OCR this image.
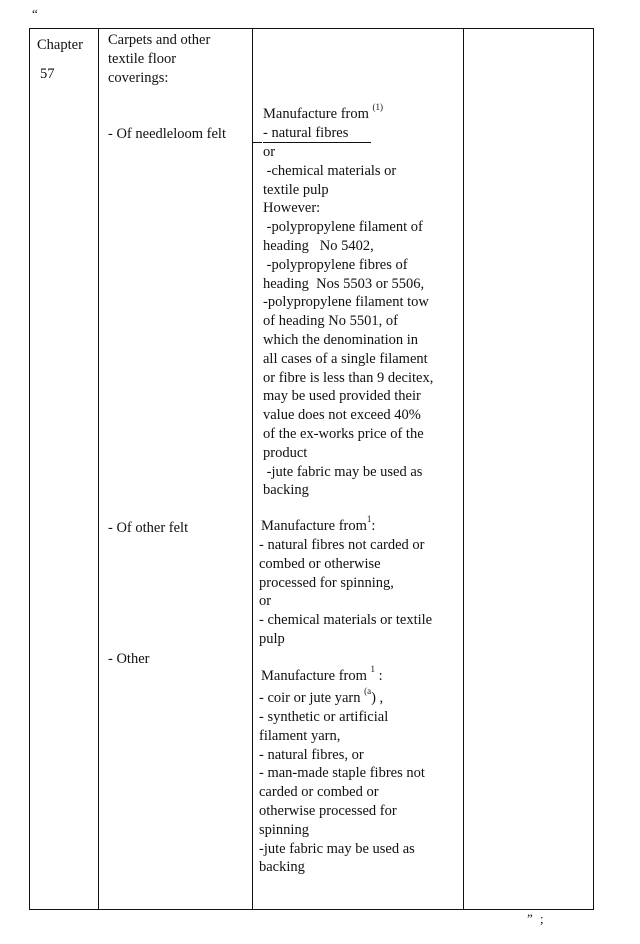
“
Chapter
57
Carpets and other
textile floor
coverings:
- Of needleloom felt
- Of other felt
- Other
Manufacture from $^{(1)}$
- natural fibres
or
-chemical materials or
textile pulp
However:
-polypropylene filament of
heading   No 5402,
-polypropylene fibres of
heading  Nos 5503 or 5506,
-polypropylene filament tow
of heading No 5501, of
which the denomination in
all cases of a single filament
or fibre is less than 9 decitex,
may be used provided their
value does not exceed 40%
of the ex-works price of the
product
-jute fabric may be used as
backing
Manufacture from$^1$:
- natural fibres not carded or
combed or otherwise
processed for spinning,
or
- chemical materials or textile
pulp
Manufacture from $^1$ :
- coir or jute yarn $^{(a}$) ,
- synthetic or artificial
filament yarn,
- natural fibres, or
- man-made staple fibres not
carded or combed or
otherwise processed for
spinning
-jute fabric may be used as
backing
” ;
